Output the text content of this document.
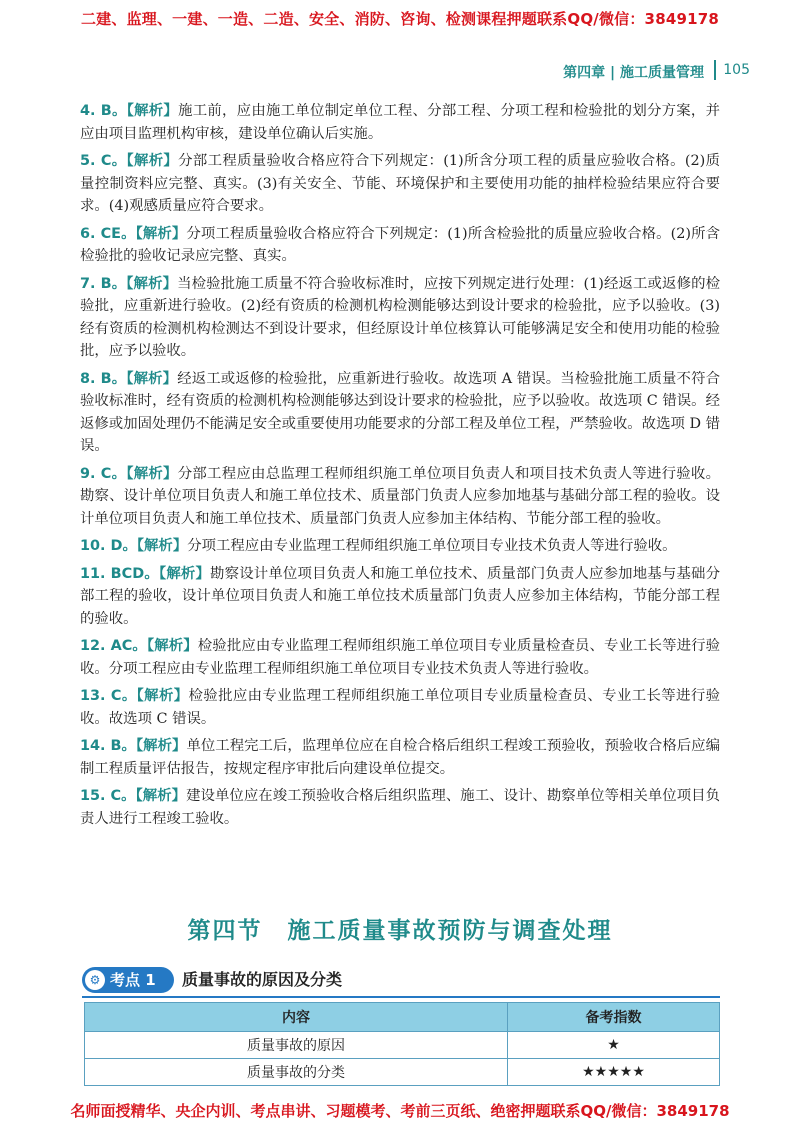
二建、监理、一建、一造、二造、安全、消防、咨询、检测课程押题联系QQ/微信：3849178
第四章 | 施工质量管理 105
4. B。【解析】施工前，应由施工单位制定单位工程、分部工程、分项工程和检验批的划分方案，并应由项目监理机构审核，建设单位确认后实施。
5. C。【解析】分部工程质量验收合格应符合下列规定：(1)所含分项工程的质量应验收合格。(2)质量控制资料应完整、真实。(3)有关安全、节能、环境保护和主要使用功能的抽样检验结果应符合要求。(4)观感质量应符合要求。
6. CE。【解析】分项工程质量验收合格应符合下列规定：(1)所含检验批的质量应验收合格。(2)所含检验批的验收记录应完整、真实。
7. B。【解析】当检验批施工质量不符合验收标准时，应按下列规定进行处理：(1)经返工或返修的检验批，应重新进行验收。(2)经有资质的检测机构检测能够达到设计要求的检验批，应予以验收。(3)经有资质的检测机构检测达不到设计要求，但经原设计单位核算认可能够满足安全和使用功能的检验批，应予以验收。
8. B。【解析】经返工或返修的检验批，应重新进行验收。故选项 A 错误。当检验批施工质量不符合验收标准时，经有资质的检测机构检测能够达到设计要求的检验批，应予以验收。故选项 C 错误。经返修或加固处理仍不能满足安全或重要使用功能要求的分部工程及单位工程，严禁验收。故选项 D 错误。
9. C。【解析】分部工程应由总监理工程师组织施工单位项目负责人和项目技术负责人等进行验收。勘察、设计单位项目负责人和施工单位技术、质量部门负责人应参加地基与基础分部工程的验收。设计单位项目负责人和施工单位技术、质量部门负责人应参加主体结构、节能分部工程的验收。
10. D。【解析】分项工程应由专业监理工程师组织施工单位项目专业技术负责人等进行验收。
11. BCD。【解析】勘察设计单位项目负责人和施工单位技术、质量部门负责人应参加地基与基础分部工程的验收，设计单位项目负责人和施工单位技术质量部门负责人应参加主体结构，节能分部工程的验收。
12. AC。【解析】检验批应由专业监理工程师组织施工单位项目专业质量检查员、专业工长等进行验收。分项工程应由专业监理工程师组织施工单位项目专业技术负责人等进行验收。
13. C。【解析】检验批应由专业监理工程师组织施工单位项目专业质量检查员、专业工长等进行验收。故选项 C 错误。
14. B。【解析】单位工程完工后，监理单位应在自检合格后组织工程竣工预验收，预验收合格后应编制工程质量评估报告，按规定程序审批后向建设单位提交。
15. C。【解析】建设单位应在竣工预验收合格后组织监理、施工、设计、勘察单位等相关单位项目负责人进行工程竣工验收。
第四节　施工质量事故预防与调查处理
⚙ 考点 1 质量事故的原因及分类
内容	备考指数
质量事故的原因	★
质量事故的分类	★★★★★
名师面授精华、央企内训、考点串讲、习题模考、考前三页纸、绝密押题联系QQ/微信：3849178
